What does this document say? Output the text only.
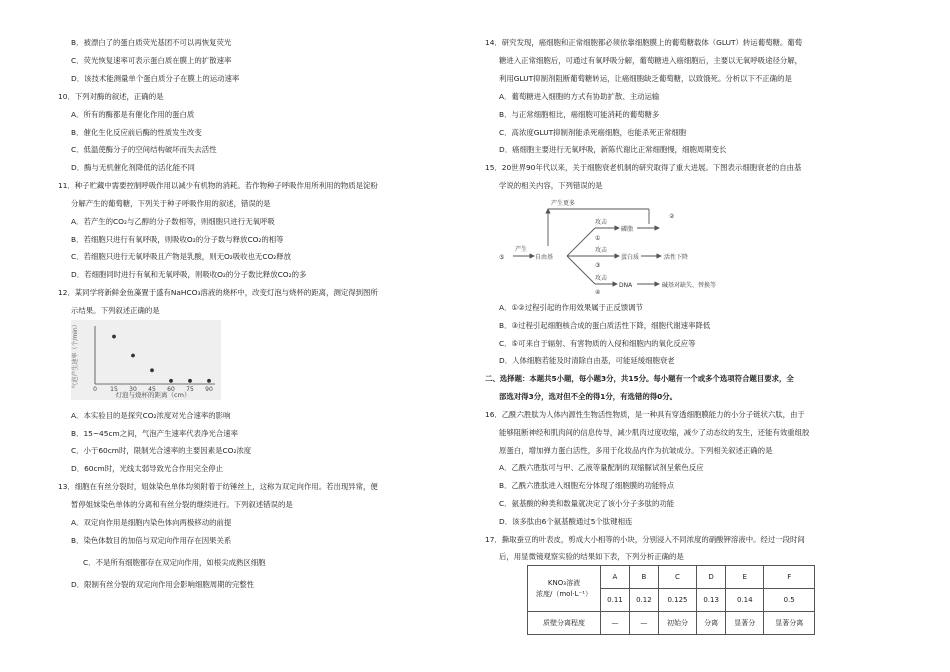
B．被漂白了的蛋白质荧光基团不可以再恢复荧光
C．荧光恢复速率可表示蛋白质在膜上的扩散速率
D．该技术能测量单个蛋白质分子在膜上的运动速率
10．下列对酶的叙述，正确的是
A．所有的酶都是有催化作用的蛋白质
B．催化生化反应前后酶的性质发生改变
C．低温使酶分子的空间结构破坏而失去活性
D．酶与无机催化剂降低的活化能不同
11．种子贮藏中需要控制呼吸作用以减少有机物的消耗。若作物种子呼吸作用所利用的物质是淀粉
分解产生的葡萄糖，下列关于种子呼吸作用的叙述，错误的是
A．若产生的CO₂与乙醇的分子数相等，则细胞只进行无氧呼吸
B．若细胞只进行有氧呼吸，则吸收O₂的分子数与释放CO₂的相等
C．若细胞只进行无氧呼吸且产物是乳酸，则无O₂吸收也无CO₂释放
D．若细胞同时进行有氧和无氧呼吸，则吸收O₂的分子数比释放CO₂的多
12．某同学将新鲜金鱼藻置于盛有NaHCO₃溶液的烧杯中，改变灯泡与烧杯的距离，测定得到图所
示结果。下列叙述正确的是
气泡产生速率（个/min）
灯泡与烧杯的距离（cm）
0 15 30 45 60 75 90
A．本实验目的是探究CO₂浓度对光合速率的影响
B．15~45cm之间，气泡产生速率代表净光合速率
C．小于60cm时，限制光合速率的主要因素是CO₂浓度
D．60cm时，光线太弱导致光合作用完全停止
13．细胞在有丝分裂时，姐妹染色单体均须附着于纺锤丝上，这称为双定向作用。若出现异常，便
暂停姐妹染色单体的分离和有丝分裂的继续进行。下列叙述错误的是
A．双定向作用是细胞内染色体向两极移动的前提
B．染色体数目的加倍与双定向作用存在因果关系
C．不是所有细胞都存在双定向作用，如根尖成熟区细胞
D．限制有丝分裂的双定向作用会影响细胞周期的完整性
14．研究发现，癌细胞和正常细胞都必须依靠细胞膜上的葡萄糖载体（GLUT）转运葡萄糖。葡萄
糖进入正常细胞后，可通过有氧呼吸分解，葡萄糖进入癌细胞后，主要以无氧呼吸途径分解，
利用GLUT抑制剂阻断葡萄糖转运，让癌细胞缺乏葡萄糖，以致饿死。分析以下不正确的是
A．葡萄糖进入细胞的方式有协助扩散、主动运输
B．与正常细胞相比，癌细胞可能消耗的葡萄糖多
C．高浓度GLUT抑制剂能杀死癌细胞，也能杀死正常细胞
D．癌细胞主要进行无氧呼吸，新陈代谢比正常细胞慢，细胞周期变长
15．20世界90年代以来，关于细胞衰老机制的研究取得了重大进展。下图表示细胞衰老的自由基
学说的相关内容，下列错误的是
产生更多
攻击
磷脂
②
①
⑤
产生
自由基
攻击
③
蛋白质	活性下降
攻击
④
DNA	碱基对缺失、替换等
A．①②过程引起的作用效果属于正反馈调节
B．③过程引起细胞核合成的蛋白质活性下降，细胞代谢速率降低
C．⑤可来自于辐射、有害物质的入侵和细胞内的氧化反应等
D．人体细胞若能及时清除自由基，可能延缓细胞衰老
二、选择题：本题共5小题，每小题3分，共15分。每小题有一个或多个选项符合题目要求，全
部选对得3分，选对但不全的得1分，有选错的得0分。
16．乙酰六胜肽为人体内源性生物活性物质，是一种具有穿透细胞膜能力的小分子链状六肽，由于
能够阻断神经和肌肉间的信息传导，减少肌肉过度收缩，减少了动态纹的发生，还能有效重组胶
原蛋白，增加弹力蛋白活性，多用于化妆品内作为抗皱成分。下列相关叙述正确的是
A．乙酰六胜肽可与甲、乙液等量配制的双缩脲试剂呈紫色反应
B．乙酰六胜肽进入细胞充分体现了细胞膜的功能特点
C．氨基酸的种类和数量就决定了该小分子多肽的功能
D．该多肽由6个氨基酸通过5个肽键相连
17．撕取蚕豆的叶表皮，剪成大小相等的小块，分别浸入不同浓度的硝酸钾溶液中。经过一段时间
后，用显微镜观察实验的结果如下表，下列分析正确的是
KNO₃溶液
浓度/（mol·L⁻¹）	A	B	C	D	E	F
	0.11	0.12	0.125	0.13	0.14	0.5
质壁分离程度	—	—	初始分	分离	显著分	显著分离
